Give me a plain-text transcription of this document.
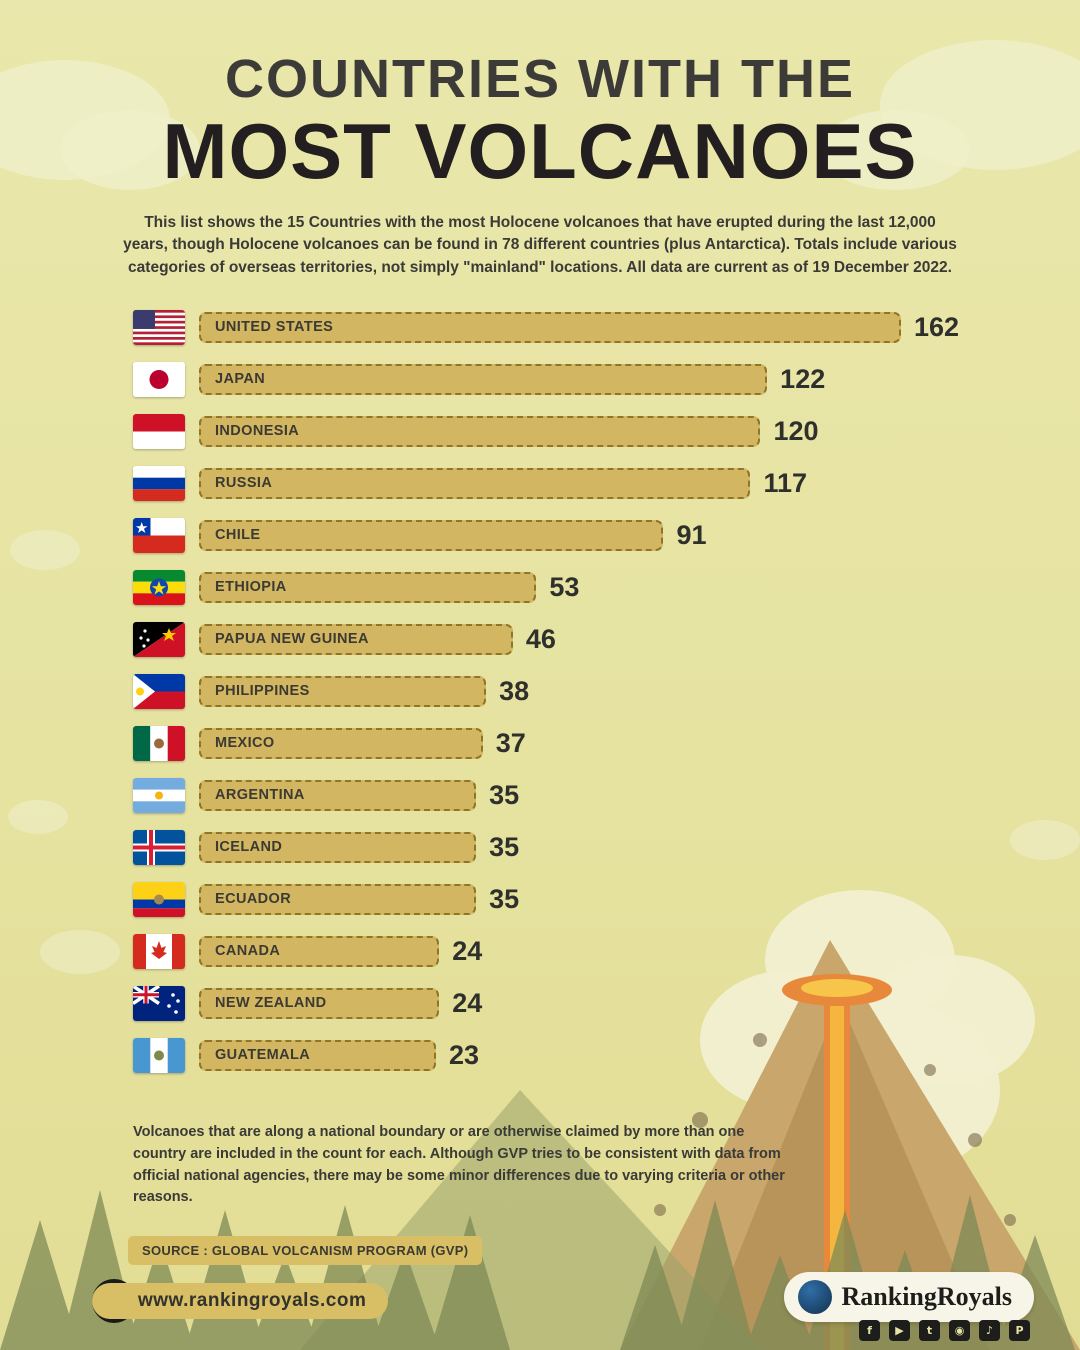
COUNTRIES WITH THE
MOST VOLCANOES
This list shows the 15 Countries with the most Holocene volcanoes that have erupted during the last 12,000 years, though Holocene volcanoes can be found in 78 different countries (plus Antarctica). Totals include various categories of overseas territories, not simply "mainland" locations. All data are current as of 19 December 2022.
UNITED STATES	162
JAPAN	122
INDONESIA	120
RUSSIA	117
CHILE	91
ETHIOPIA	53
PAPUA NEW GUINEA	46
PHILIPPINES	38
MEXICO	37
ARGENTINA	35
ICELAND	35
ECUADOR	35
CANADA	24
NEW ZEALAND	24
GUATEMALA	23
Volcanoes that are along a national boundary or are otherwise claimed by more than one country are included in the count for each. Although GVP tries to be consistent with data from official national agencies, there may be some minor differences due to varying criteria or other reasons.
SOURCE : GLOBAL VOLCANISM PROGRAM (GVP)
www.rankingroyals.com	RankingRoyals
f	▶	t	◉	♪	P
